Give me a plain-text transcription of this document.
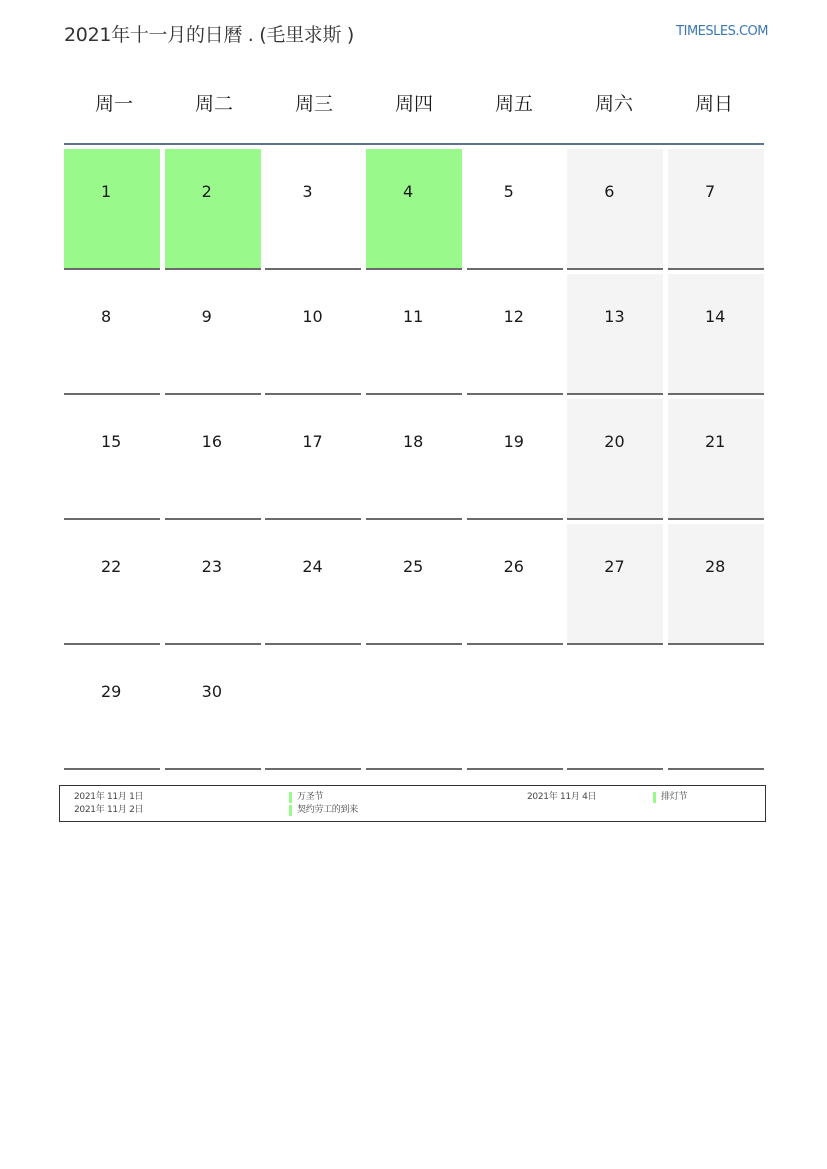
2021年十一月的日曆 . (毛里求斯 )	TIMESLES.COM
周一	周二	周三	周四	周五	周六	周日
1	2	3	4	5	6	7
8	9	10	11	12	13	14
15	16	17	18	19	20	21
22	23	24	25	26	27	28
29	30
2021年 11月 1日	万圣节
2021年 11月 2日	契约劳工的到来
2021年 11月 4日	排灯节
